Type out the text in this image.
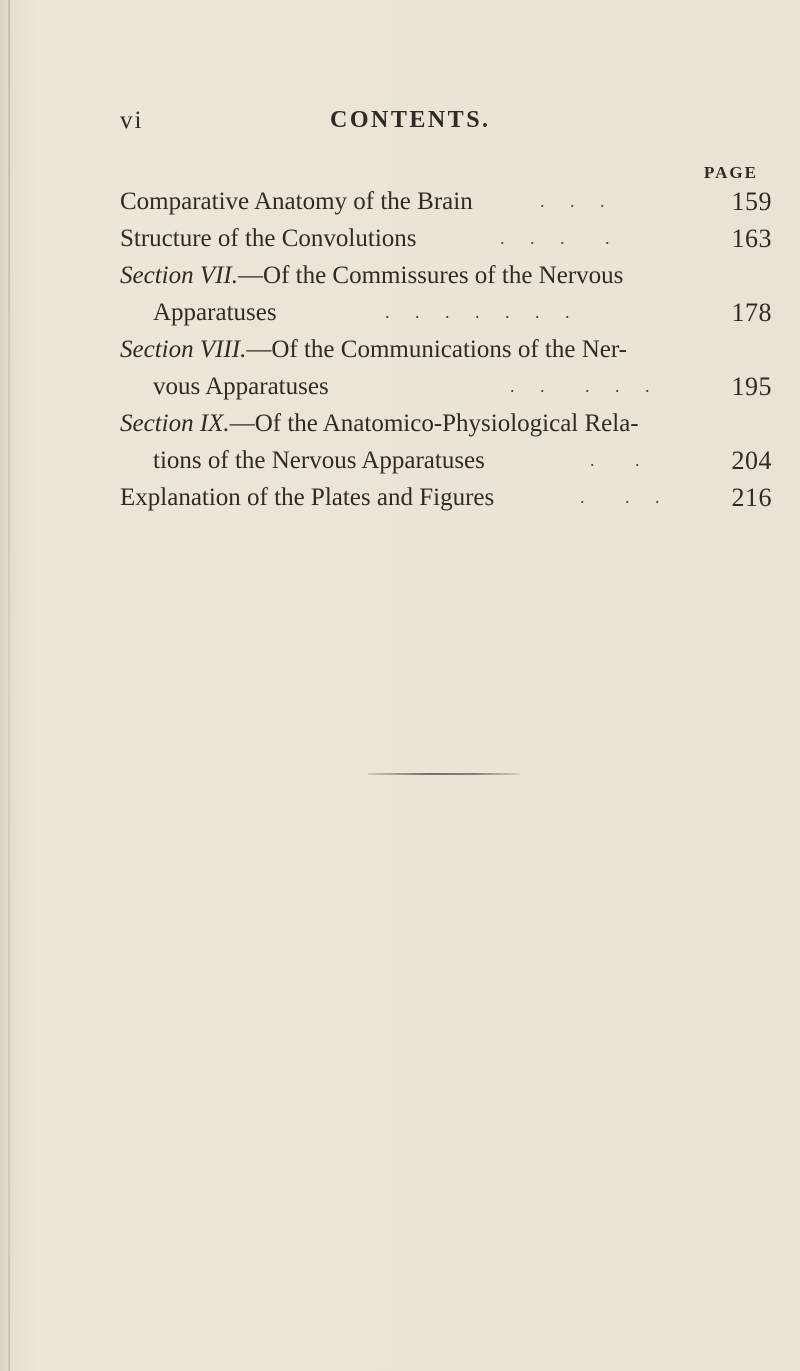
vi	CONTENTS.
PAGE
Comparative Anatomy of the Brain	.   .   .	159
Structure of the Convolutions	.   .   .     .	163
Section VII.—Of the Commissures of the Nervous
Apparatuses	.   .   .   .   .   .   .	178
Section VIII.—Of the Communications of the Ner-
vous Apparatuses	.   .     .   .   .	195
Section IX.—Of the Anatomico-Physiological Rela-
tions of the Nervous Apparatuses	.     .	204
Explanation of the Plates and Figures	.     .   .	216
